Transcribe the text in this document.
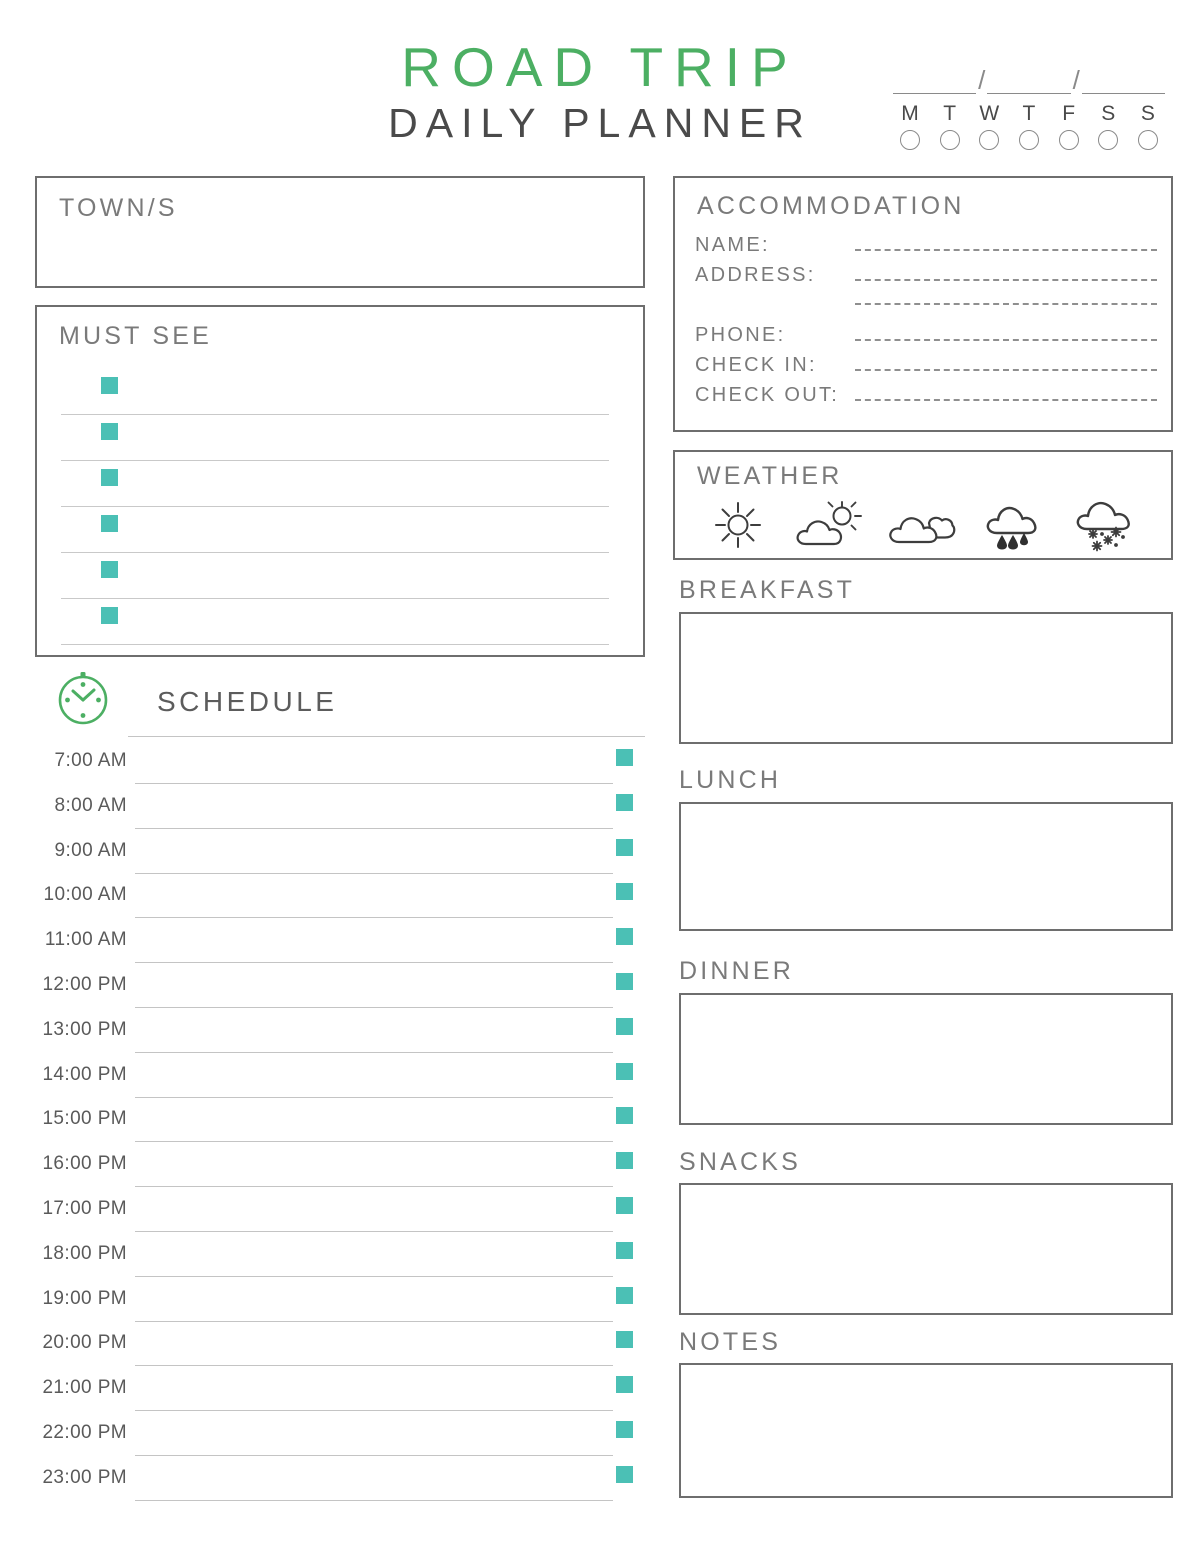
ROAD TRIP
DAILY PLANNER
/	/
M	T	W	T	F	S	S
TOWN/S
MUST SEE
SCHEDULE
7:00 AM
8:00 AM
9:00 AM
10:00 AM
11:00 AM
12:00 PM
13:00 PM
14:00 PM
15:00 PM
16:00 PM
17:00 PM
18:00 PM
19:00 PM
20:00 PM
21:00 PM
22:00 PM
23:00 PM
ACCOMMODATION
NAME:
ADDRESS:
PHONE:
CHECK IN:
CHECK OUT:
WEATHER
BREAKFAST
LUNCH
DINNER
SNACKS
NOTES
